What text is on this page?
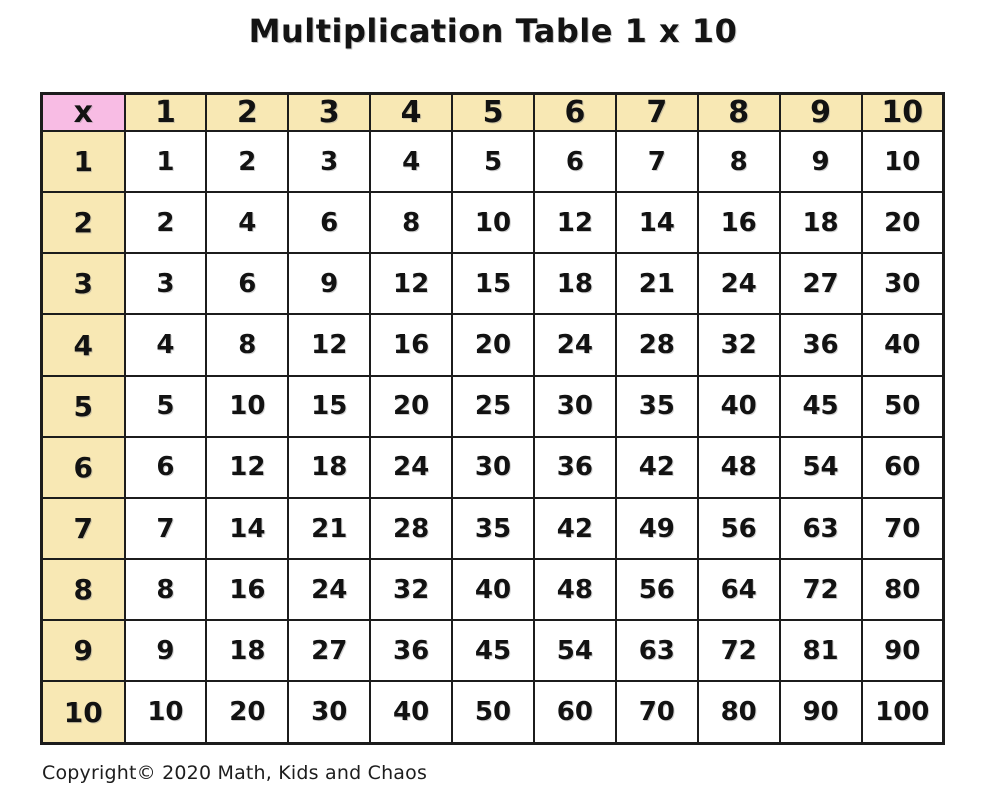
Multiplication Table 1 x 10
x	1	2	3	4	5	6	7	8	9	10
1	1	2	3	4	5	6	7	8	9	10
2	2	4	6	8	10	12	14	16	18	20
3	3	6	9	12	15	18	21	24	27	30
4	4	8	12	16	20	24	28	32	36	40
5	5	10	15	20	25	30	35	40	45	50
6	6	12	18	24	30	36	42	48	54	60
7	7	14	21	28	35	42	49	56	63	70
8	8	16	24	32	40	48	56	64	72	80
9	9	18	27	36	45	54	63	72	81	90
10	10	20	30	40	50	60	70	80	90	100
Copyright© 2020 Math, Kids and Chaos
